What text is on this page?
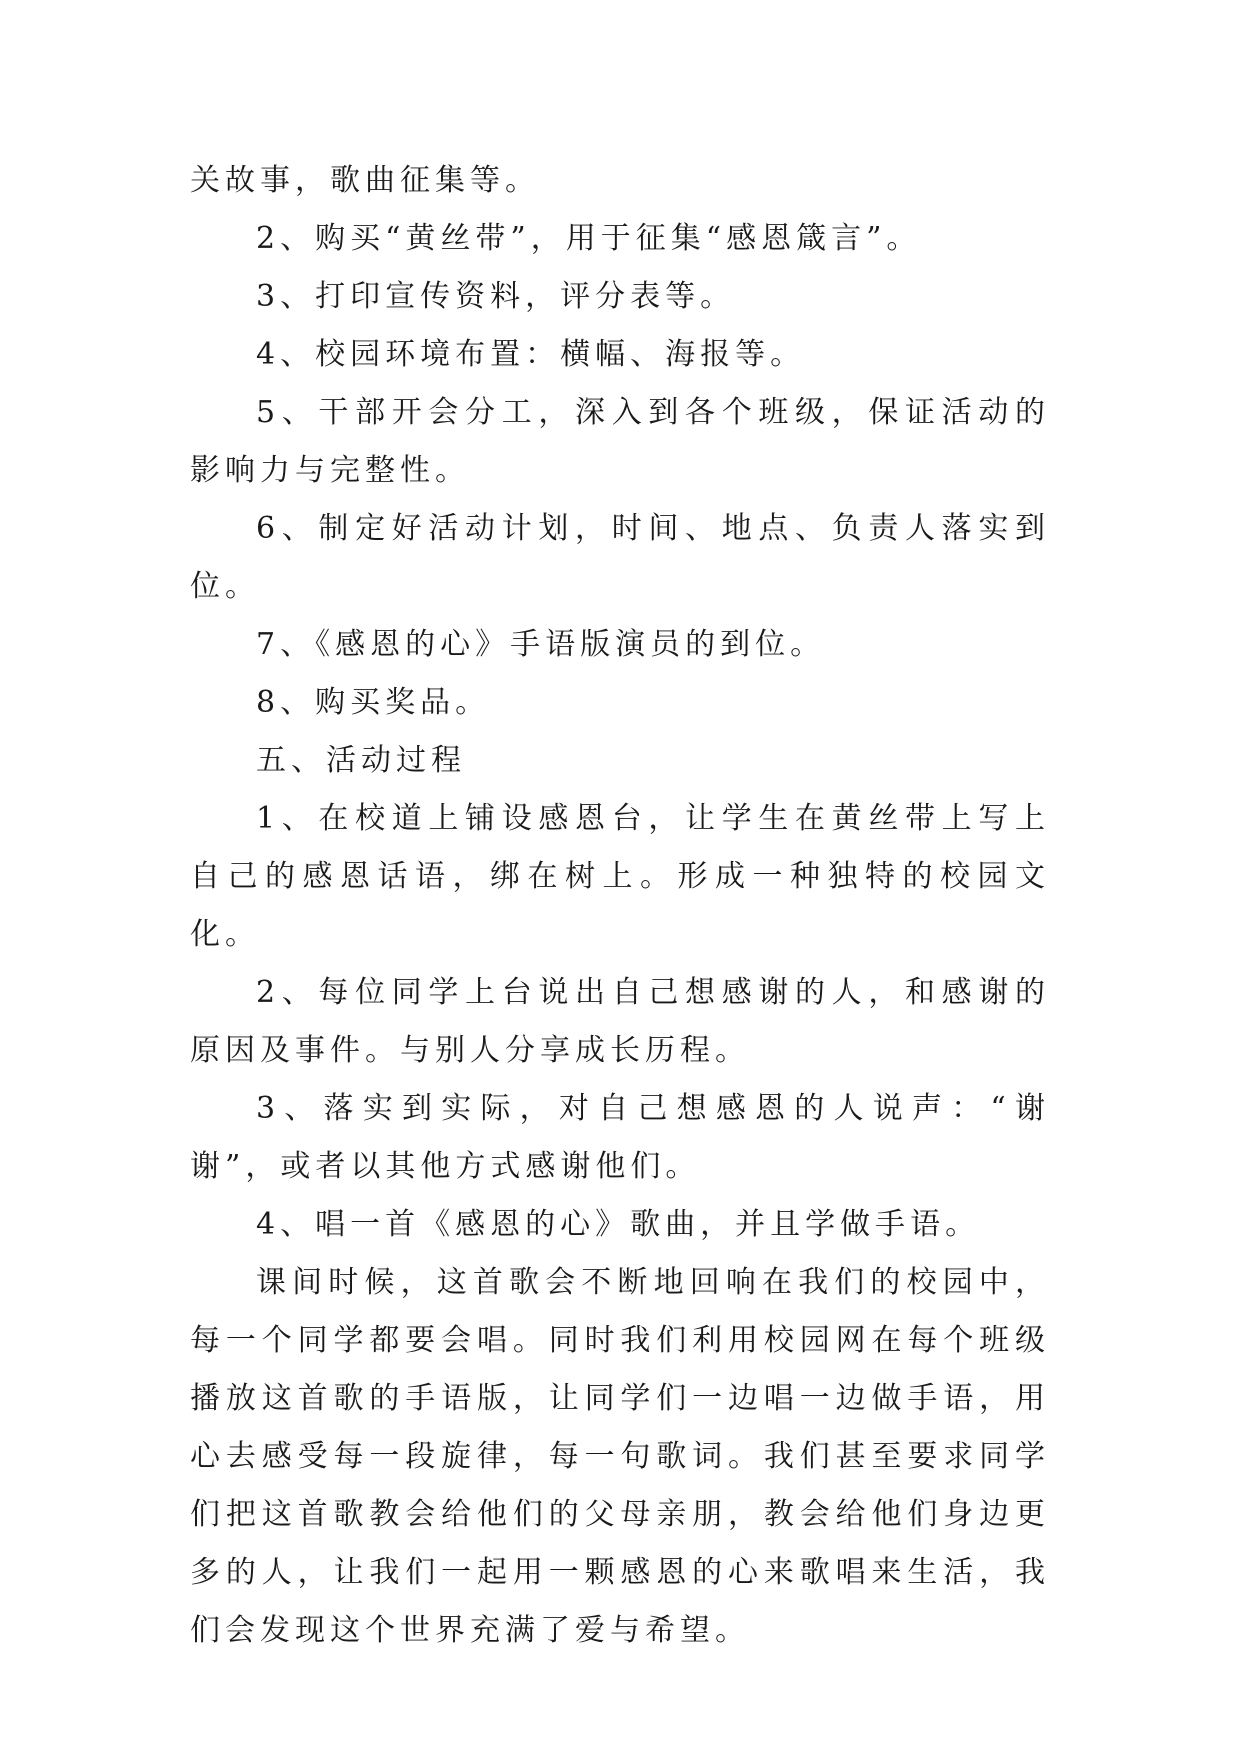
关故事，歌曲征集等。

2、购买“黄丝带”，用于征集“感恩箴言”。

3、打印宣传资料，评分表等。

4、校园环境布置：横幅、海报等。

5、干部开会分工，深入到各个班级，保证活动的影响力与完整性。

6、制定好活动计划，时间、地点、负责人落实到位。

7、《感恩的心》手语版演员的到位。

8、购买奖品。

五、活动过程

1、在校道上铺设感恩台，让学生在黄丝带上写上自己的感恩话语，绑在树上。形成一种独特的校园文化。

2、每位同学上台说出自己想感谢的人，和感谢的原因及事件。与别人分享成长历程。

3、落实到实际，对自己想感恩的人说声：“谢谢”，或者以其他方式感谢他们。

4、唱一首《感恩的心》歌曲，并且学做手语。

课间时候，这首歌会不断地回响在我们的校园中，每一个同学都要会唱。同时我们利用校园网在每个班级播放这首歌的手语版，让同学们一边唱一边做手语，用心去感受每一段旋律，每一句歌词。我们甚至要求同学们把这首歌教会给他们的父母亲朋，教会给他们身边更多的人，让我们一起用一颗感恩的心来歌唱来生活，我们会发现这个世界充满了爱与希望。
